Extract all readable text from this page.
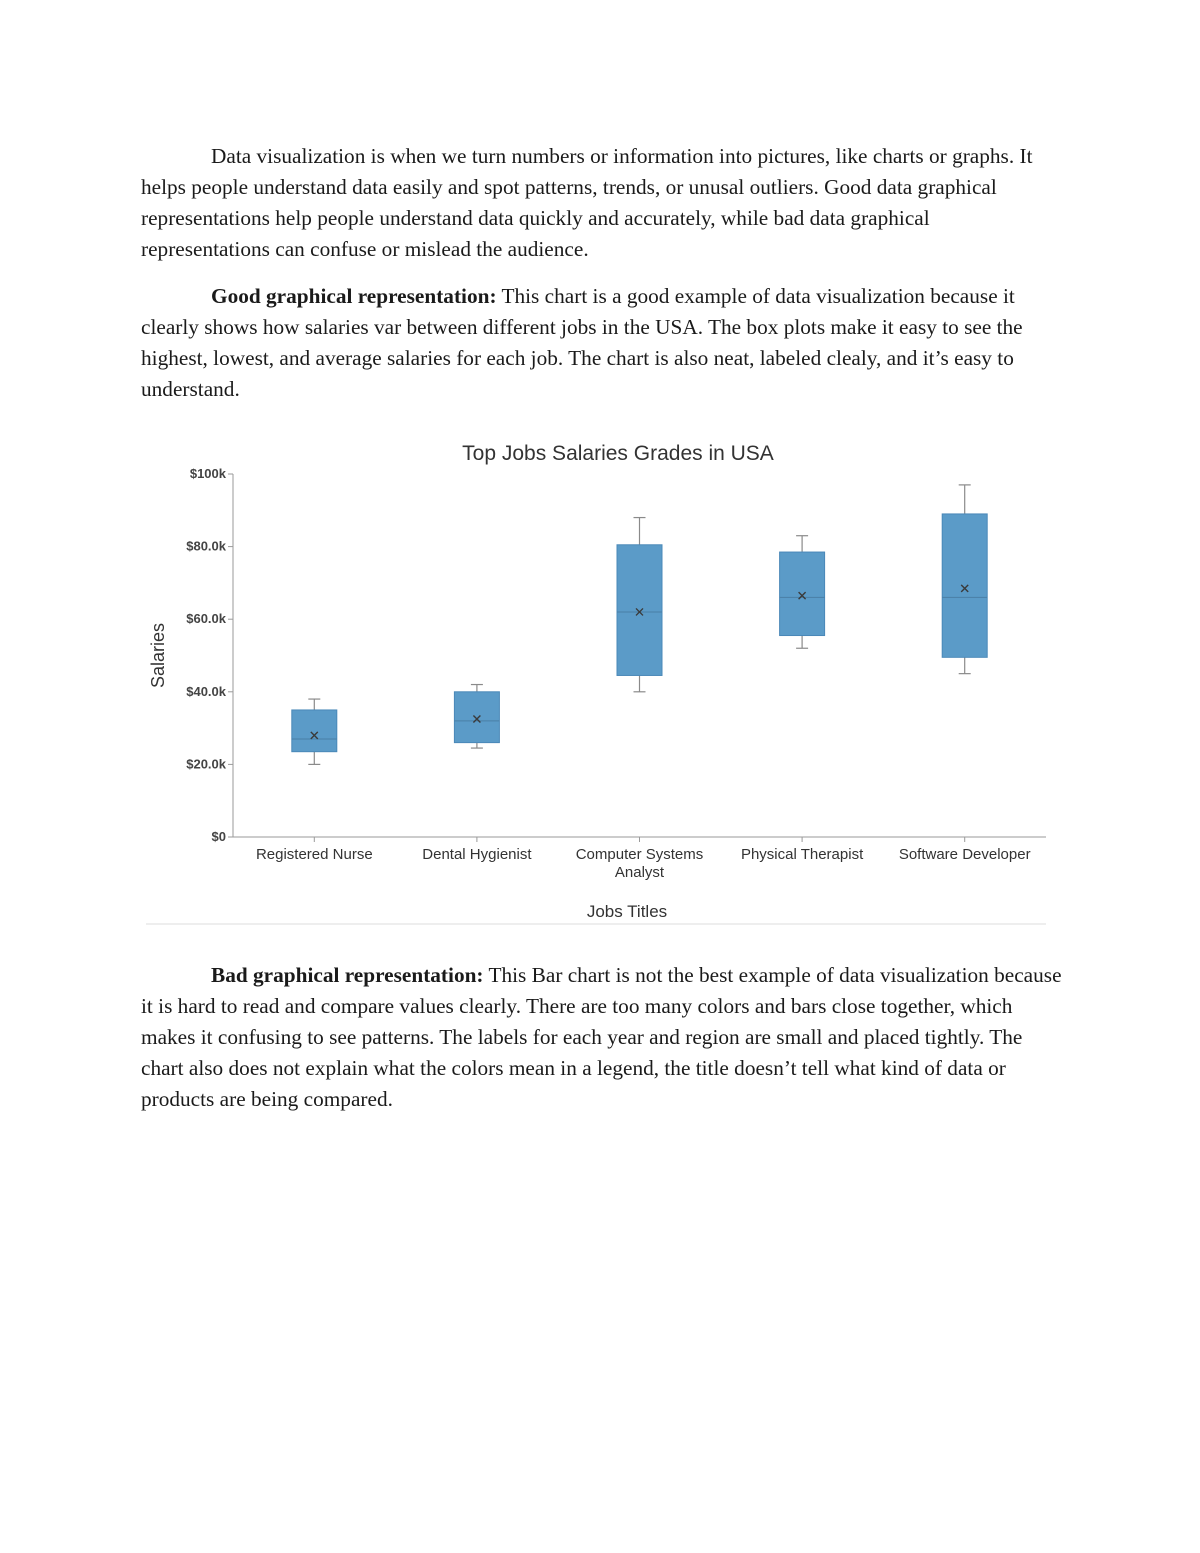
Data visualization is when we turn numbers or information into pictures, like charts or graphs. It helps people understand data easily and spot patterns, trends, or unusal outliers. Good data graphical representations help people understand data quickly and accurately, while bad data graphical representations can confuse or mislead the audience.

Good graphical representation: This chart is a good example of data visualization because it clearly shows how salaries var between different jobs in the USA. The box plots make it easy to see the highest, lowest, and average salaries for each job. The chart is also neat, labeled clealy, and it’s easy to understand.

Top Jobs Salaries Grades in USA
$0
$20.0k
$40.0k
$60.0k
$80.0k
$100k
Salaries
Jobs Titles
Registered Nurse	Dental Hygienist	Computer Systems
Analyst
Physical Therapist Software Developer

Bad graphical representation: This Bar chart is not the best example of data visualization because it is hard to read and compare values clearly. There are too many colors and bars close together, which makes it confusing to see patterns. The labels for each year and region are small and placed tightly. The chart also does not explain what the colors mean in a legend, the title doesn’t tell what kind of data or products are being compared.
